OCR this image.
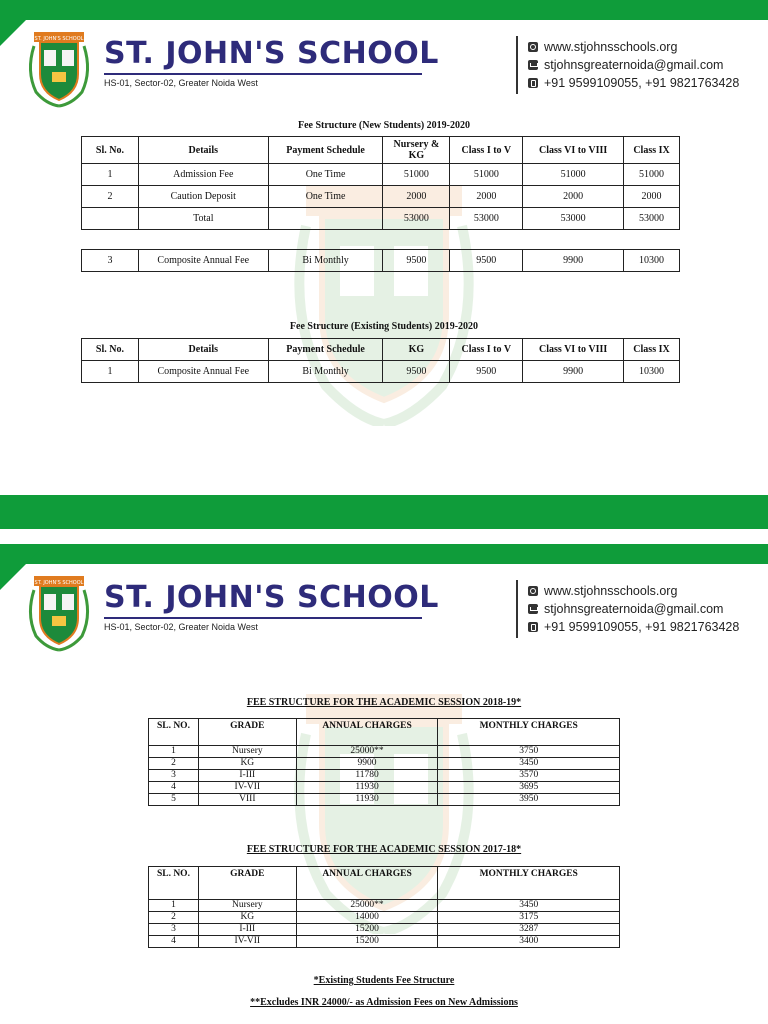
ST. JOHN'S SCHOOL ST. JOHN'S SCHOOL
HS-01, Sector-02, Greater Noida West
www.stjohnsschools.org
stjohnsgreaternoida@gmail.com
+91 9599109055, +91 9821763428
Fee Structure (New Students) 2019-2020
Sl. No.	Details	Payment Schedule	Nursery & KG	Class I to V	Class VI to VIII	Class IX
1	Admission Fee	One Time	51000	51000	51000	51000
2	Caution Deposit	One Time	2000	2000	2000	2000
	Total		53000	53000	53000	53000
3	Composite Annual Fee	Bi Monthly	9500	9500	9900	10300
Fee Structure (Existing Students) 2019-2020
Sl. No.	Details	Payment Schedule	KG	Class I to V	Class VI to VIII	Class IX
1	Composite Annual Fee	Bi Monthly	9500	9500	9900	10300
ST. JOHN'S SCHOOL ST. JOHN'S SCHOOL
HS-01, Sector-02, Greater Noida West
www.stjohnsschools.org
stjohnsgreaternoida@gmail.com
+91 9599109055, +91 9821763428
FEE STRUCTURE FOR THE ACADEMIC SESSION 2018-19*
SL. NO.	GRADE	ANNUAL CHARGES	MONTHLY CHARGES
1	Nursery	25000**	3750
2	KG	9900	3450
3	I-III	11780	3570
4	IV-VII	11930	3695
5	VIII	11930	3950
FEE STRUCTURE FOR THE ACADEMIC SESSION 2017-18*
SL. NO.	GRADE	ANNUAL CHARGES	MONTHLY CHARGES
1	Nursery	25000**	3450
2	KG	14000	3175
3	I-III	15200	3287
4	IV-VII	15200	3400
*Existing Students Fee Structure
**Excludes INR 24000/- as Admission Fees on New Admissions
